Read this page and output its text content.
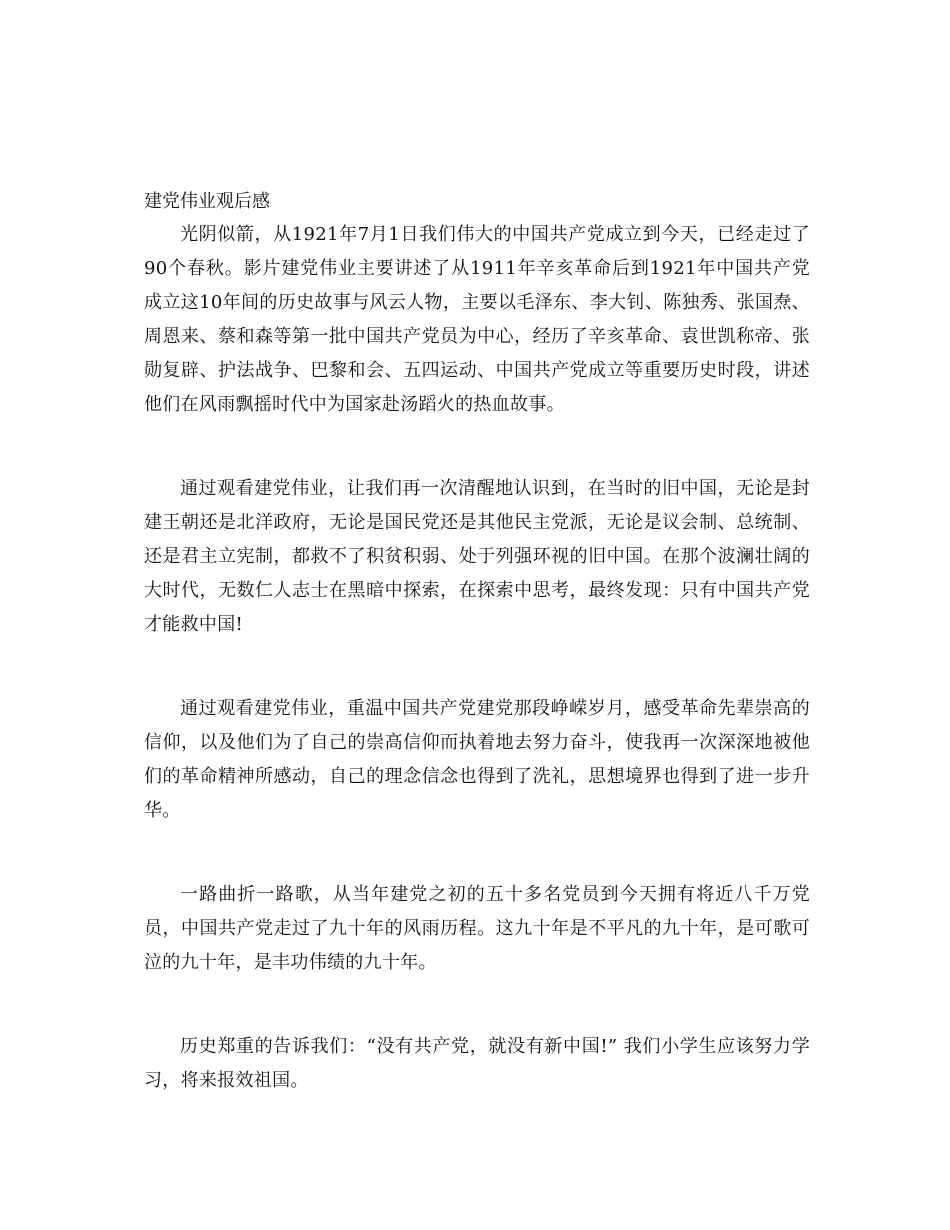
建党伟业观后感

光阴似箭，从1921年7月1日我们伟大的中国共产党成立到今天，已经走过了90个春秋。影片建党伟业主要讲述了从1911年辛亥革命后到1921年中国共产党成立这10年间的历史故事与风云人物，主要以毛泽东、李大钊、陈独秀、张国焘、周恩来、蔡和森等第一批中国共产党员为中心，经历了辛亥革命、袁世凯称帝、张勋复辟、护法战争、巴黎和会、五四运动、中国共产党成立等重要历史时段，讲述他们在风雨飘摇时代中为国家赴汤蹈火的热血故事。

通过观看建党伟业，让我们再一次清醒地认识到，在当时的旧中国，无论是封建王朝还是北洋政府，无论是国民党还是其他民主党派，无论是议会制、总统制、还是君主立宪制，都救不了积贫积弱、处于列强环视的旧中国。在那个波澜壮阔的大时代，无数仁人志士在黑暗中探索，在探索中思考，最终发现：只有中国共产党才能救中国!

通过观看建党伟业，重温中国共产党建党那段峥嵘岁月，感受革命先辈崇高的信仰，以及他们为了自己的崇高信仰而执着地去努力奋斗，使我再一次深深地被他们的革命精神所感动，自己的理念信念也得到了洗礼，思想境界也得到了进一步升华。

一路曲折一路歌，从当年建党之初的五十多名党员到今天拥有将近八千万党员，中国共产党走过了九十年的风雨历程。这九十年是不平凡的九十年，是可歌可泣的九十年，是丰功伟绩的九十年。

历史郑重的告诉我们：“没有共产党，就没有新中国!” 我们小学生应该努力学习，将来报效祖国。
